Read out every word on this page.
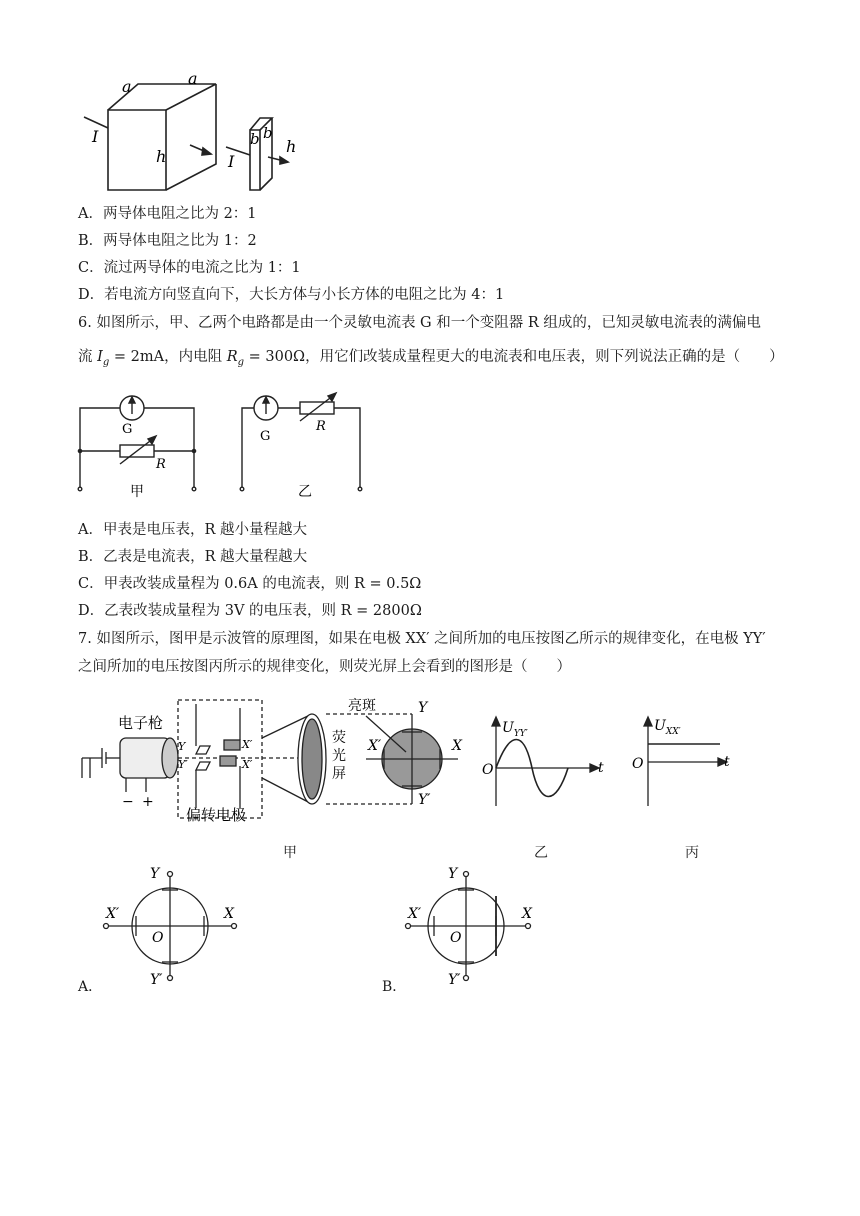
a	a
h
I	b b
h
I
A．两导体电阻之比为 2：1
B．两导体电阻之比为 1：2
C．流过两导体的电流之比为 1：1
D．若电流方向竖直向下，大长方体与小长方体的电阻之比为 4：1
6. 如图所示，甲、乙两个电路都是由一个灵敏电流表 G 和一个变阻器 R 组成的，已知灵敏电流表的满偏电
流 $I_g = 2mA$，内电阻 $R_g = 300\Omega$，用它们改装成量程更大的电流表和电压表，则下列说法正确的是（　　）
G
R
甲
G
R
乙
A．甲表是电压表，R 越小量程越大
B．乙表是电流表，R 越大量程越大
C．甲表改装成量程为 0.6A 的电流表，则 R = 0.5Ω
D．乙表改装成量程为 3V 的电压表，则 R = 2800Ω
7. 如图所示，图甲是示波管的原理图，如果在电极 XX′ 之间所加的电压按图乙所示的规律变化，在电极 YY′
之间所加的电压按图丙所示的规律变化，则荧光屏上会看到的图形是（　　）
电子枪
偏转电极
亮斑
荧
光
屏
Y
Y′
X
X′
Y
Y′
X′
X′
− +
$U_{YY'}$
O	t
$U_{XX'}$
O	t
甲	乙	丙
Y
Y′
X
X′
O
A．
Y
Y′
X
X′
O
B．
